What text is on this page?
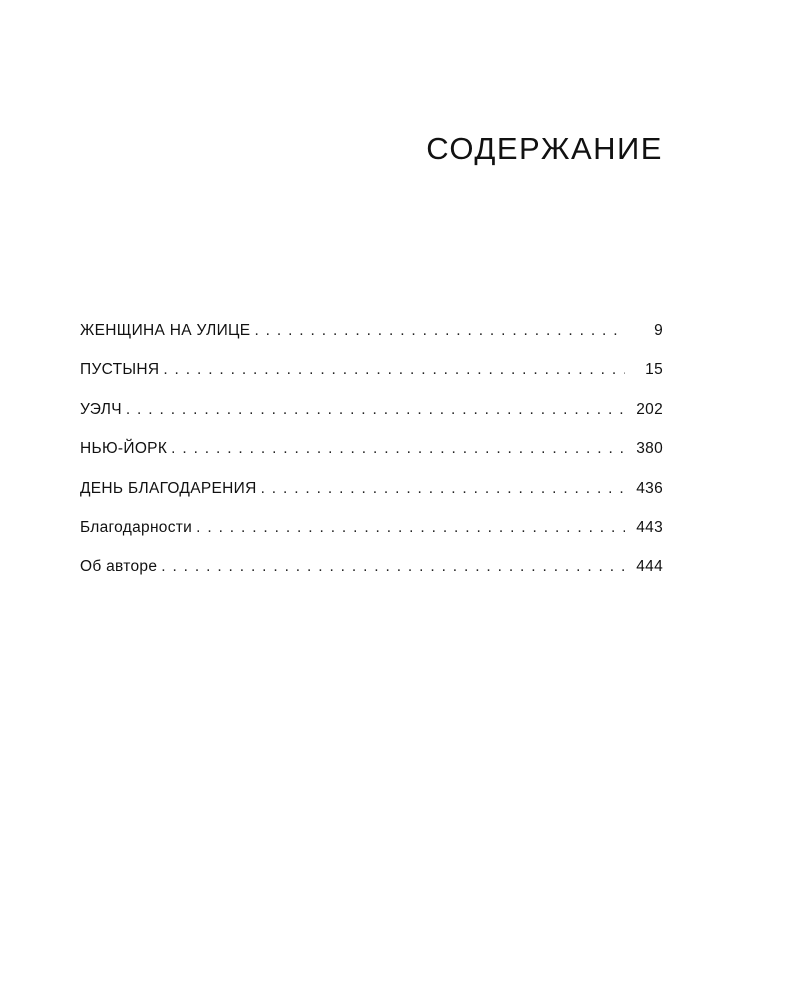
СОДЕРЖАНИЕ
ЖЕНЩИНА НА УЛИЦЕ . . .	9
ПУСТЫНЯ . . .	15
УЭЛЧ . . .	202
НЬЮ-ЙОРК . . .	380
ДЕНЬ БЛАГОДАРЕНИЯ . . .	436
Благодарности . . .	443
Об авторе . . .	444
